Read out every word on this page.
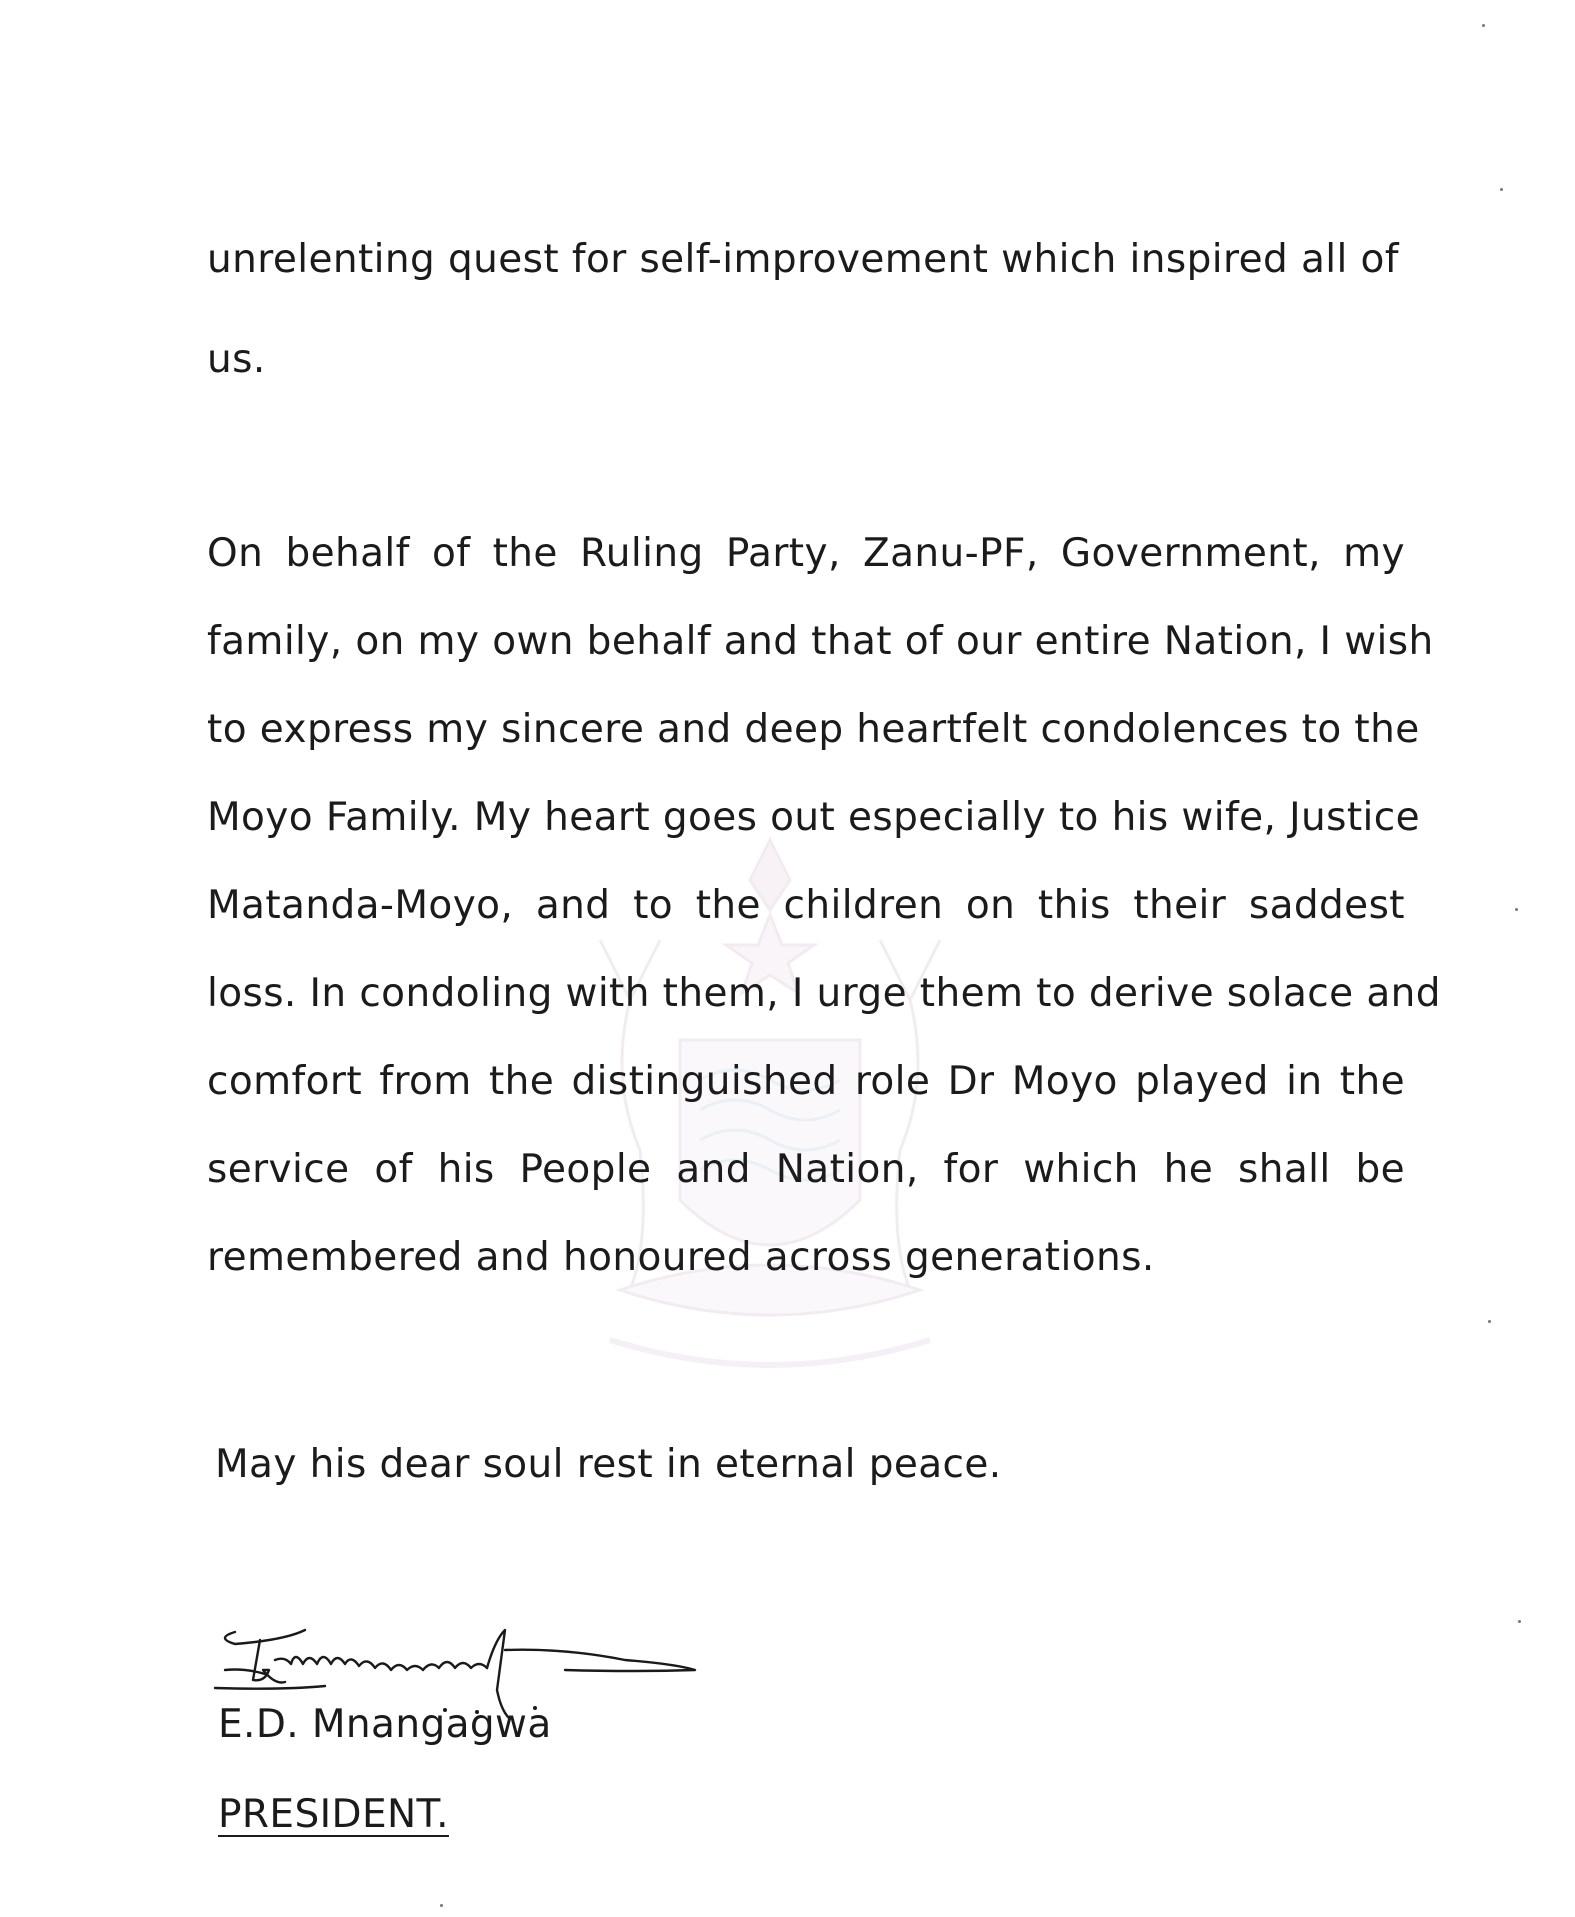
unrelenting quest for self-improvement which inspired all of
us.
On behalf of the Ruling Party, Zanu-PF, Government, my
family, on my own behalf and that of our entire Nation, I wish
to express my sincere and deep heartfelt condolences to the
Moyo Family. My heart goes out especially to his wife, Justice
Matanda-Moyo, and to the children on this their saddest
loss. In condoling with them, I urge them to derive solace and
comfort from the distinguished role Dr Moyo played in the
service of his People and Nation, for which he shall be
remembered and honoured across generations.
May his dear soul rest in eternal peace.
E.D. Mnangagwa
PRESIDENT.
